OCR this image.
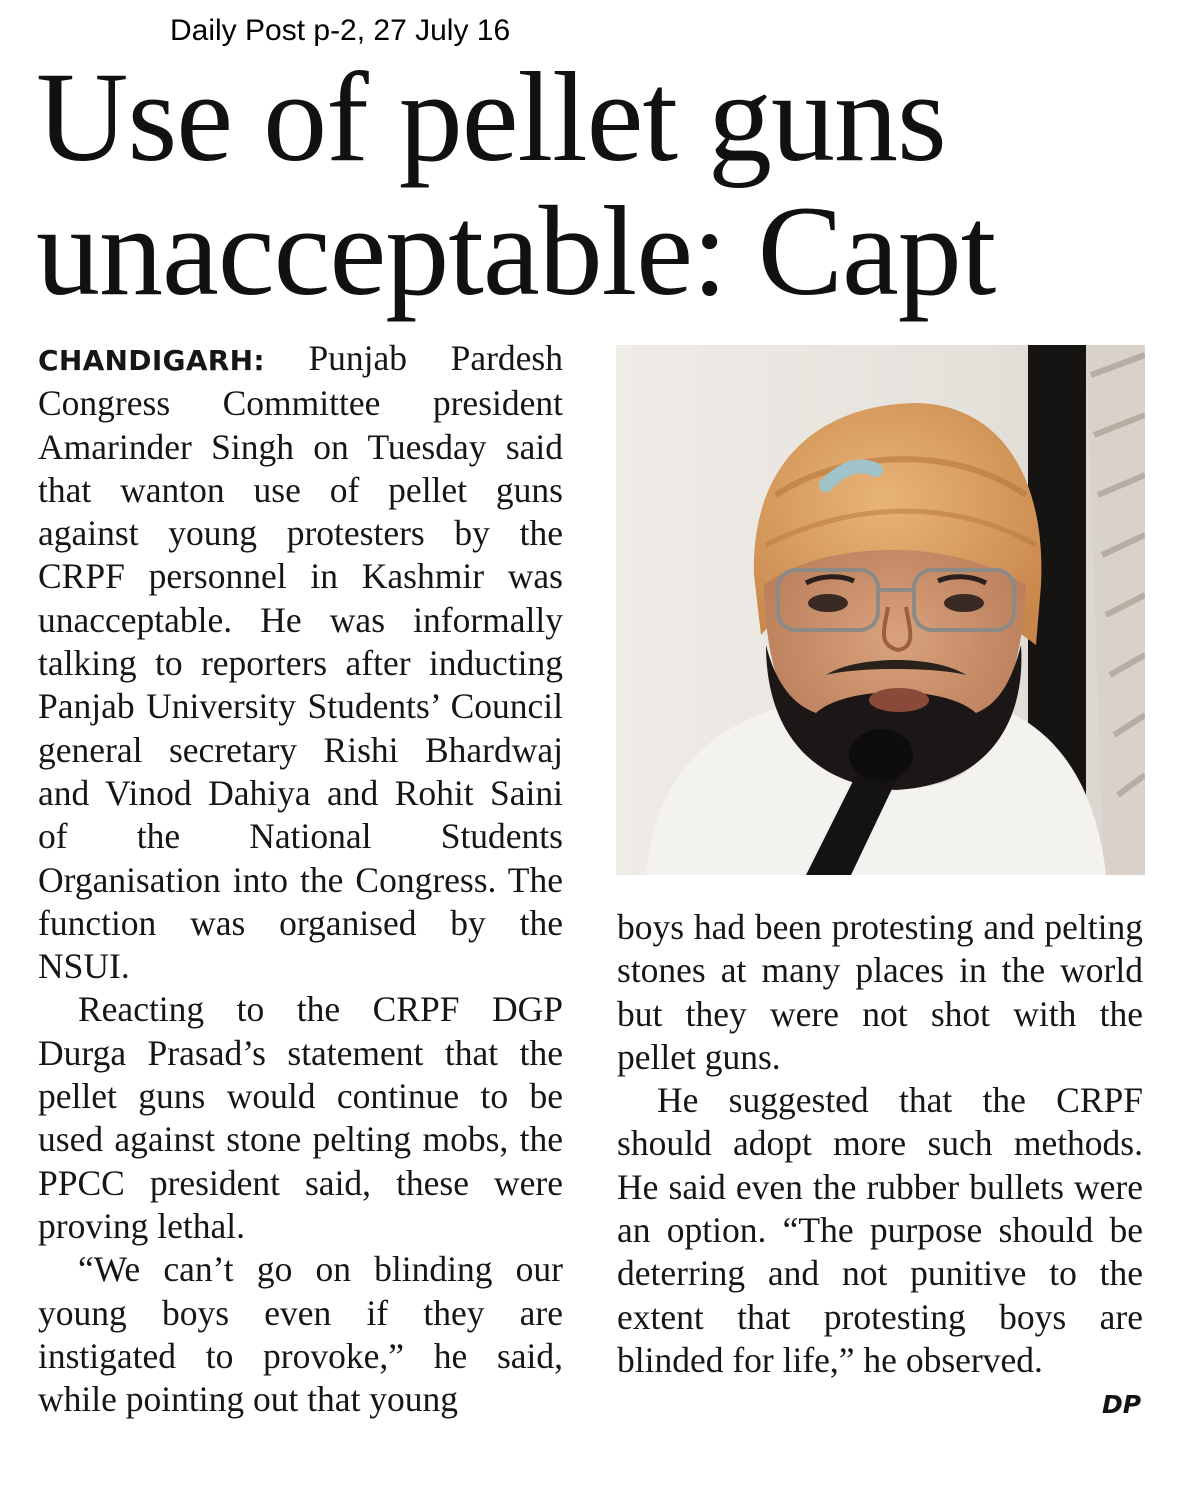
Daily Post p-2, 27 July 16
Use of pellet guns
unacceptable: Capt

CHANDIGARH: Punjab Pardesh Congress Committee president Amarinder Singh on Tuesday said that wanton use of pellet guns against young protesters by the CRPF personnel in Kashmir was unacceptable. He was informally talking to reporters after inducting Panjab University Students’ Council general secretary Rishi Bhardwaj and Vinod Dahiya and Rohit Saini of the National Students Organisation into the Congress. The function was organised by the NSUI.

Reacting to the CRPF DGP Durga Prasad’s statement that the pellet guns would continue to be used against stone pelting mobs, the PPCC president said, these were proving lethal.

“We can’t go on blinding our young boys even if they are instigated to provoke,” he said, while pointing out that young

boys had been protesting and pelting stones at many places in the world but they were not shot with the pellet guns.

He suggested that the CRPF should adopt more such methods. He said even the rubber bullets were an option. “The purpose should be deterring and not punitive to the extent that protesting boys are blinded for life,” he observed.

DP
